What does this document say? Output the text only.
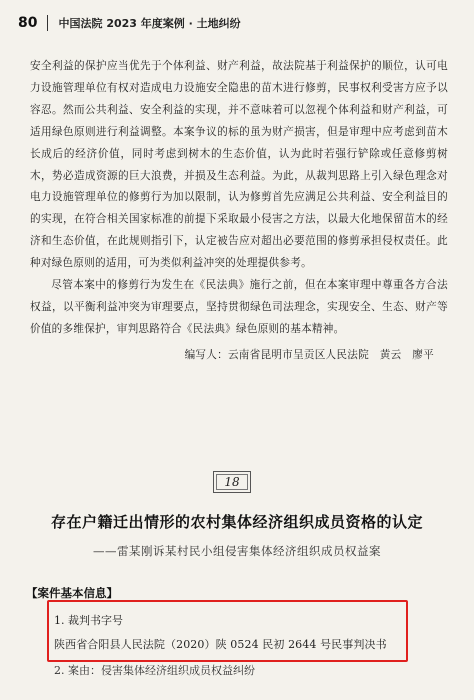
80 中国法院 2023 年度案例 · 土地纠纷

安全利益的保护应当优先于个体利益、财产利益，故法院基于利益保护的顺位，认可电力设施管理单位有权对造成电力设施安全隐患的苗木进行修剪，民事权利受害方应予以容忍。然而公共利益、安全利益的实现，并不意味着可以忽视个体利益和财产利益，可适用绿色原则进行利益调整。本案争议的标的虽为财产损害，但是审理中应考虑到苗木长成后的经济价值，同时考虑到树木的生态价值，认为此时若强行铲除或任意修剪树木，势必造成资源的巨大浪费，并损及生态利益。为此，从裁判思路上引入绿色理念对电力设施管理单位的修剪行为加以限制，认为修剪首先应满足公共利益、安全利益目的的实现，在符合相关国家标准的前提下采取最小侵害之方法，以最大化地保留苗木的经济和生态价值，在此规则指引下，认定被告应对超出必要范围的修剪承担侵权责任。此种对绿色原则的适用，可为类似利益冲突的处理提供参考。

尽管本案中的修剪行为发生在《民法典》施行之前，但在本案审理中尊重各方合法权益，以平衡利益冲突为审理要点，坚持贯彻绿色司法理念，实现安全、生态、财产等价值的多维保护，审判思路符合《民法典》绿色原则的基本精神。

编写人：云南省昆明市呈贡区人民法院　黄云　廖平

18
存在户籍迁出情形的农村集体经济组织成员资格的认定
——雷某刚诉某村民小组侵害集体经济组织成员权益案
【案件基本信息】
1. 裁判书字号
陕西省合阳县人民法院（2020）陕 0524 民初 2644 号民事判决书
2. 案由：侵害集体经济组织成员权益纠纷
